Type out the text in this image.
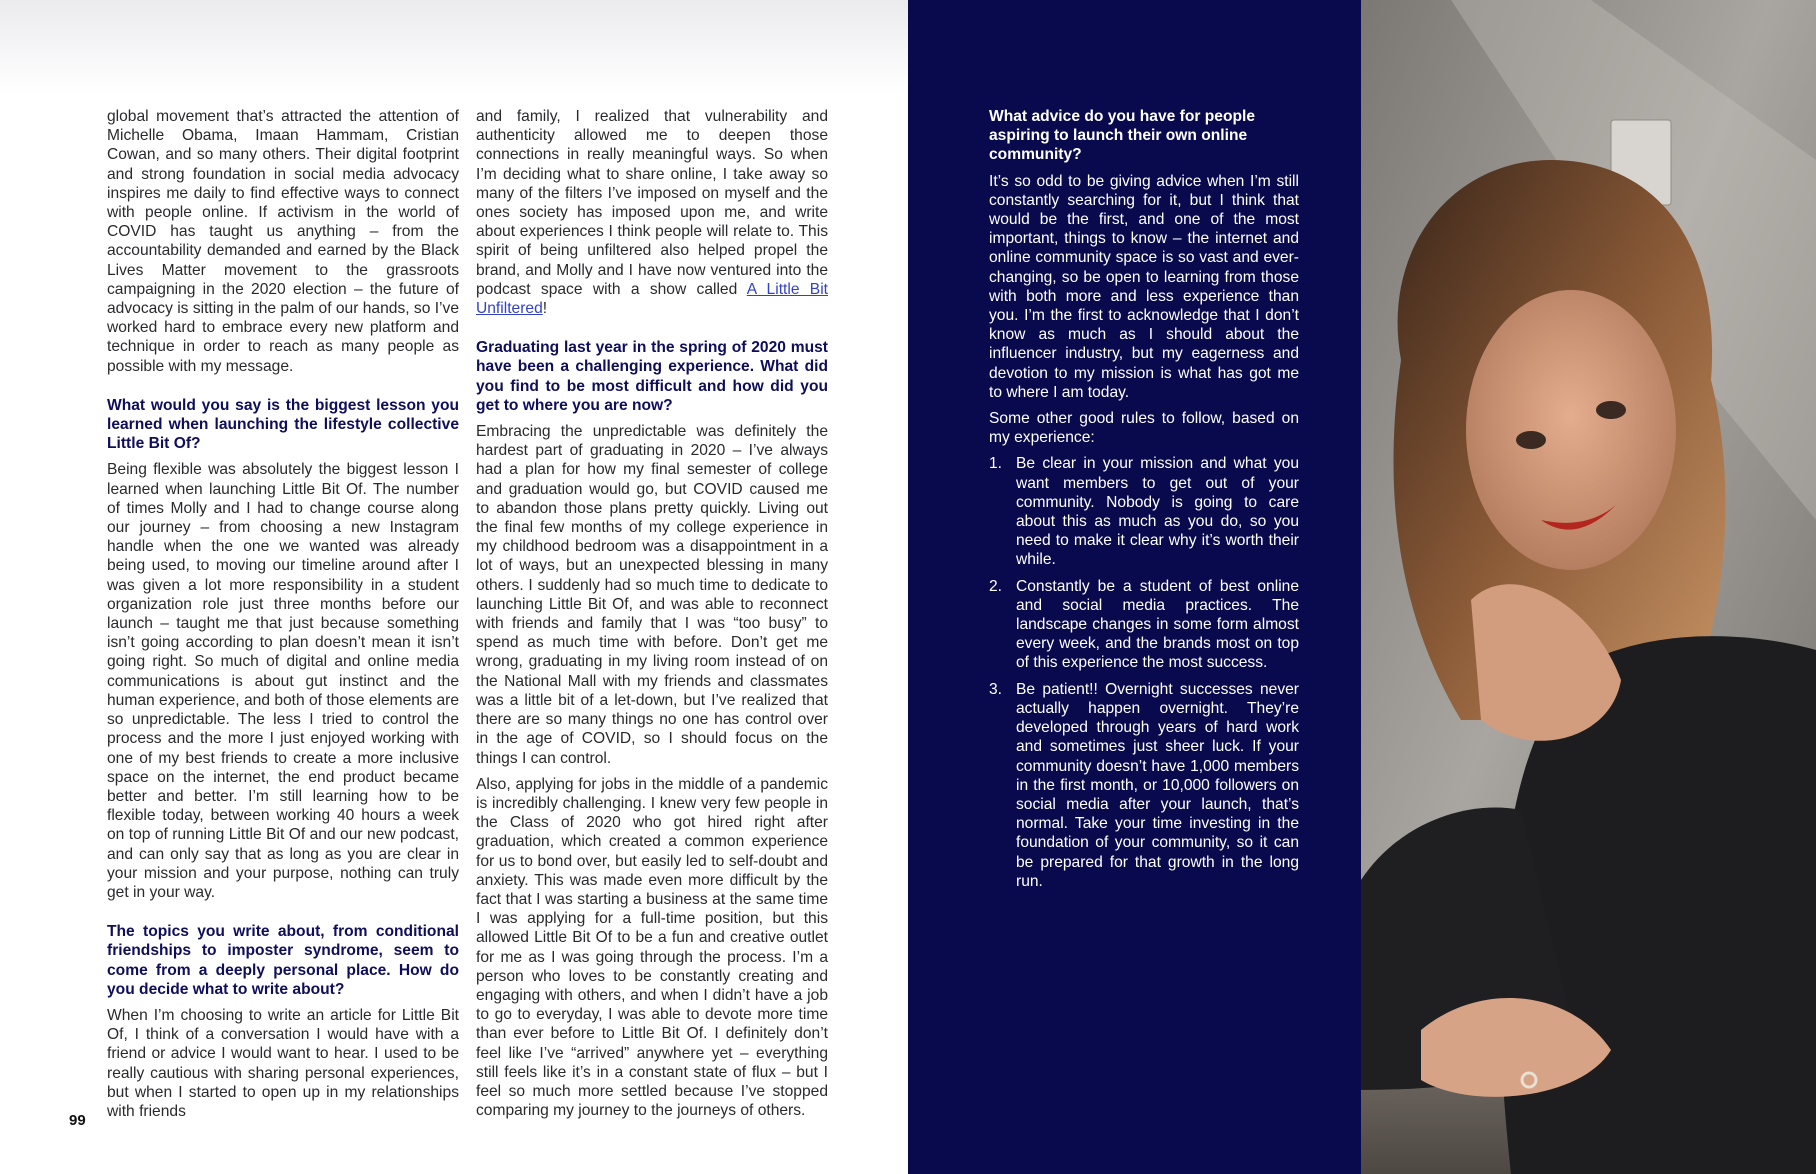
global movement that’s attracted the attention of Michelle Obama, Imaan Hammam, Cristian Cowan, and so many others. Their digital footprint and strong foundation in social media advocacy inspires me daily to find effective ways to connect with people online. If activism in the world of COVID has taught us anything – from the accountability demanded and earned by the Black Lives Matter movement to the grassroots campaigning in the 2020 election – the future of advocacy is sitting in the palm of our hands, so I’ve worked hard to embrace every new platform and technique in order to reach as many people as possible with my message.

What would you say is the biggest lesson you learned when launching the lifestyle collective Little Bit Of?

Being flexible was absolutely the biggest lesson I learned when launching Little Bit Of. The number of times Molly and I had to change course along our journey – from choosing a new Instagram handle when the one we wanted was already being used, to moving our timeline around after I was given a lot more responsibility in a student organization role just three months before our launch – taught me that just because something isn’t going according to plan doesn’t mean it isn’t going right. So much of digital and online media communications is about gut instinct and the human experience, and both of those elements are so unpredictable. The less I tried to control the process and the more I just enjoyed working with one of my best friends to create a more inclusive space on the internet, the end product became better and better. I’m still learning how to be flexible today, between working 40 hours a week on top of running Little Bit Of and our new podcast, and can only say that as long as you are clear in your mission and your purpose, nothing can truly get in your way.

The topics you write about, from conditional friendships to imposter syndrome, seem to come from a deeply personal place. How do you decide what to write about?

When I’m choosing to write an article for Little Bit Of, I think of a conversation I would have with a friend or advice I would want to hear. I used to be really cautious with sharing personal experiences, but when I started to open up in my relationships with friends

and family, I realized that vulnerability and authenticity allowed me to deepen those connections in really meaningful ways. So when I’m deciding what to share online, I take away so many of the filters I’ve imposed on myself and the ones society has imposed upon me, and write about experiences I think people will relate to. This spirit of being unfiltered also helped propel the brand, and Molly and I have now ventured into the podcast space with a show called A Little Bit Unfiltered!

Graduating last year in the spring of 2020 must have been a challenging experience. What did you find to be most difficult and how did you get to where you are now?

Embracing the unpredictable was definitely the hardest part of graduating in 2020 – I’ve always had a plan for how my final semester of college and graduation would go, but COVID caused me to abandon those plans pretty quickly. Living out the final few months of my college experience in my childhood bedroom was a disappointment in a lot of ways, but an unexpected blessing in many others. I suddenly had so much time to dedicate to launching Little Bit Of, and was able to reconnect with friends and family that I was “too busy” to spend as much time with before. Don’t get me wrong, graduating in my living room instead of on the National Mall with my friends and classmates was a little bit of a let-down, but I’ve realized that there are so many things no one has control over in the age of COVID, so I should focus on the things I can control.

Also, applying for jobs in the middle of a pandemic is incredibly challenging. I knew very few people in the Class of 2020 who got hired right after graduation, which created a common experience for us to bond over, but easily led to self-doubt and anxiety. This was made even more difficult by the fact that I was starting a business at the same time I was applying for a full-time position, but this allowed Little Bit Of to be a fun and creative outlet for me as I was going through the process. I’m a person who loves to be constantly creating and engaging with others, and when I didn’t have a job to go to everyday, I was able to devote more time than ever before to Little Bit Of. I definitely don’t feel like I’ve “arrived” anywhere yet – everything still feels like it’s in a constant state of flux – but I feel so much more settled because I’ve stopped comparing my journey to the journeys of others.

99
What advice do you have for people aspiring to launch their own online community?

It’s so odd to be giving advice when I’m still constantly searching for it, but I think that would be the first, and one of the most important, things to know – the internet and online community space is so vast and ever-changing, so be open to learning from those with both more and less experience than you. I’m the first to acknowledge that I don’t know as much as I should about the influencer industry, but my eagerness and devotion to my mission is what has got me to where I am today.

Some other good rules to follow, based on my experience:

1. Be clear in your mission and what you want members to get out of your community. Nobody is going to care about this as much as you do, so you need to make it clear why it’s worth their while.
2. Constantly be a student of best online and social media practices. The landscape changes in some form almost every week, and the brands most on top of this experience the most success.
3. Be patient!! Overnight successes never actually happen overnight. They’re developed through years of hard work and sometimes just sheer luck. If your community doesn’t have 1,000 members in the first month, or 10,000 followers on social media after your launch, that’s normal. Take your time investing in the foundation of your community, so it can be prepared for that growth in the long run.
